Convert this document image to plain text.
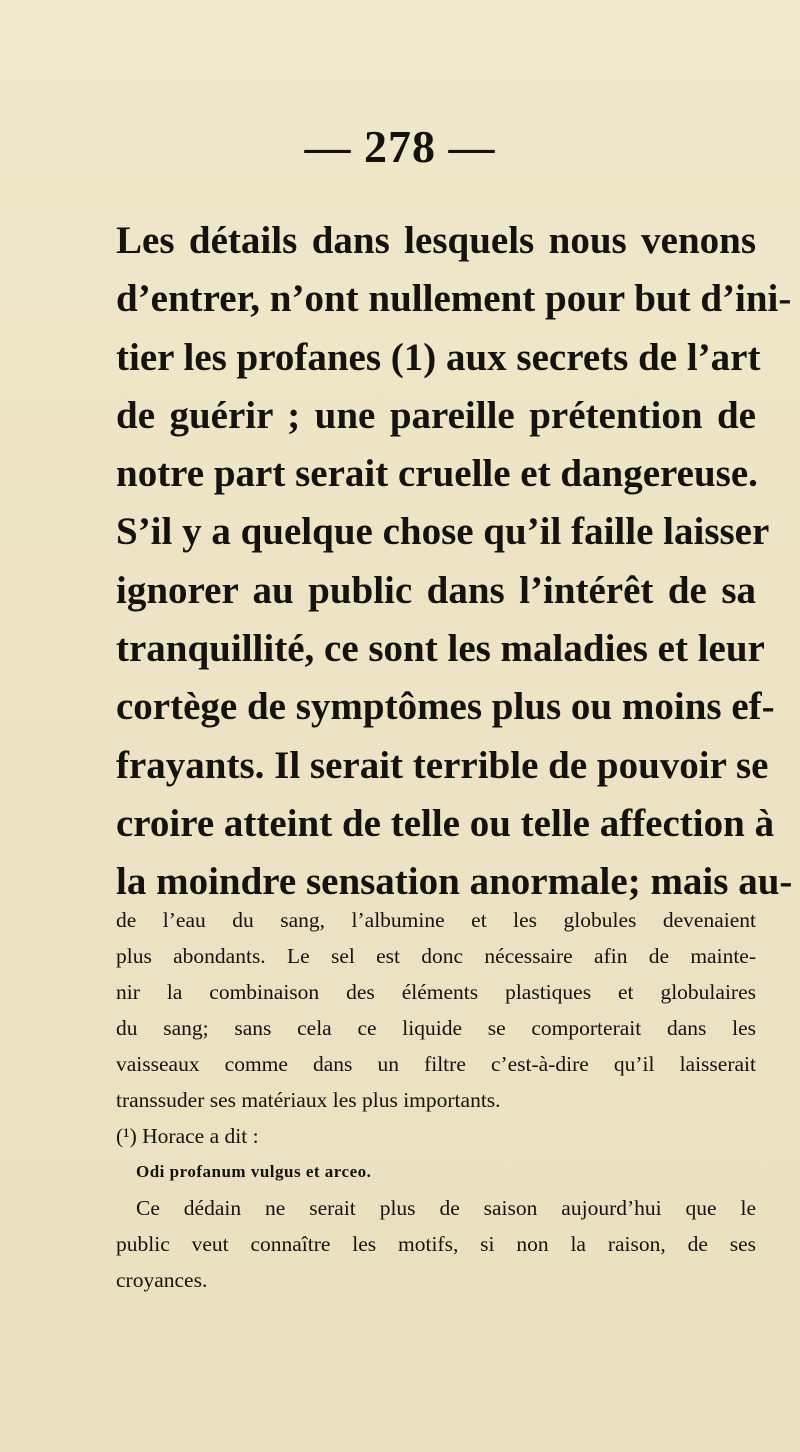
— 278 —
Les détails dans lesquels nous venons
d’entrer, n’ont nullement pour but d’ini-
tier les profanes (1) aux secrets de l’art
de guérir ; une pareille prétention de
notre part serait cruelle et dangereuse.
S’il y a quelque chose qu’il faille laisser
ignorer au public dans l’intérêt de sa
tranquillité, ce sont les maladies et leur
cortège de symptômes plus ou moins ef-
frayants. Il serait terrible de pouvoir se
croire atteint de telle ou telle affection à
la moindre sensation anormale; mais au-
de l’eau du sang, l’albumine et les globules devenaient
plus abondants. Le sel est donc nécessaire afin de mainte-
nir la combinaison des éléments plastiques et globulaires
du sang; sans cela ce liquide se comporterait dans les
vaisseaux comme dans un filtre c’est-à-dire qu’il laisserait
transsuder ses matériaux les plus importants.
(¹) Horace a dit :
Odi profanum vulgus et arceo.
Ce dédain ne serait plus de saison aujourd’hui que le
public veut connaître les motifs, si non la raison, de ses
croyances.
